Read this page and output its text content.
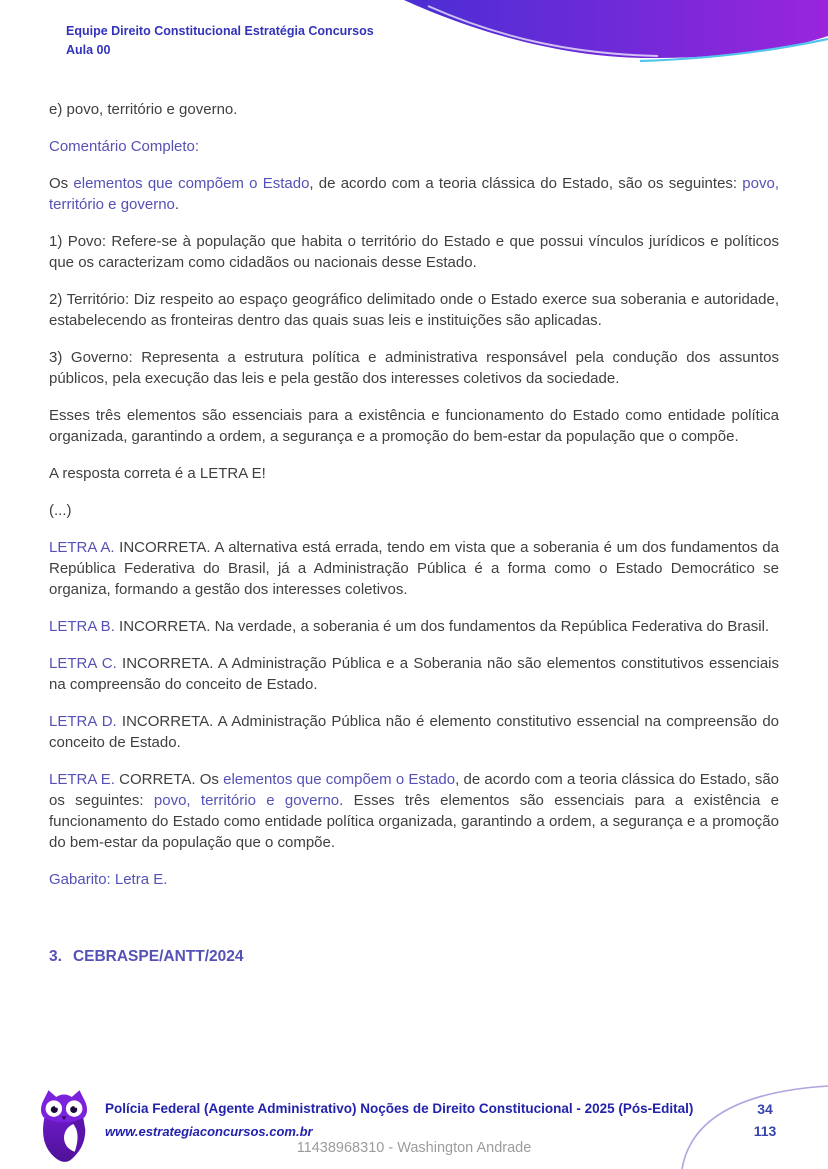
Equipe Direito Constitucional Estratégia Concursos
Aula 00

e) povo, território e governo.

Comentário Completo:

Os elementos que compõem o Estado, de acordo com a teoria clássica do Estado, são os seguintes: povo, território e governo.

1) Povo: Refere-se à população que habita o território do Estado e que possui vínculos jurídicos e políticos que os caracterizam como cidadãos ou nacionais desse Estado.

2) Território: Diz respeito ao espaço geográfico delimitado onde o Estado exerce sua soberania e autoridade, estabelecendo as fronteiras dentro das quais suas leis e instituições são aplicadas.

3) Governo: Representa a estrutura política e administrativa responsável pela condução dos assuntos públicos, pela execução das leis e pela gestão dos interesses coletivos da sociedade.

Esses três elementos são essenciais para a existência e funcionamento do Estado como entidade política organizada, garantindo a ordem, a segurança e a promoção do bem-estar da população que o compõe.

A resposta correta é a LETRA E!

(...)

LETRA A. INCORRETA. A alternativa está errada, tendo em vista que a soberania é um dos fundamentos da República Federativa do Brasil, já a Administração Pública é a forma como o Estado Democrático se organiza, formando a gestão dos interesses coletivos.

LETRA B. INCORRETA. Na verdade, a soberania é um dos fundamentos da República Federativa do Brasil.

LETRA C. INCORRETA. A Administração Pública e a Soberania não são elementos constitutivos essenciais na compreensão do conceito de Estado.

LETRA D. INCORRETA. A Administração Pública não é elemento constitutivo essencial na compreensão do conceito de Estado.

LETRA E. CORRETA. Os elementos que compõem o Estado, de acordo com a teoria clássica do Estado, são os seguintes: povo, território e governo. Esses três elementos são essenciais para a existência e funcionamento do Estado como entidade política organizada, garantindo a ordem, a segurança e a promoção do bem-estar da população que o compõe.

Gabarito: Letra E.

3. CEBRASPE/ANTT/2024
Polícia Federal (Agente Administrativo) Noções de Direito Constitucional - 2025 (Pós-Edital)
www.estrategiaconcursos.com.br
34
113
11438968310 - Washington Andrade
